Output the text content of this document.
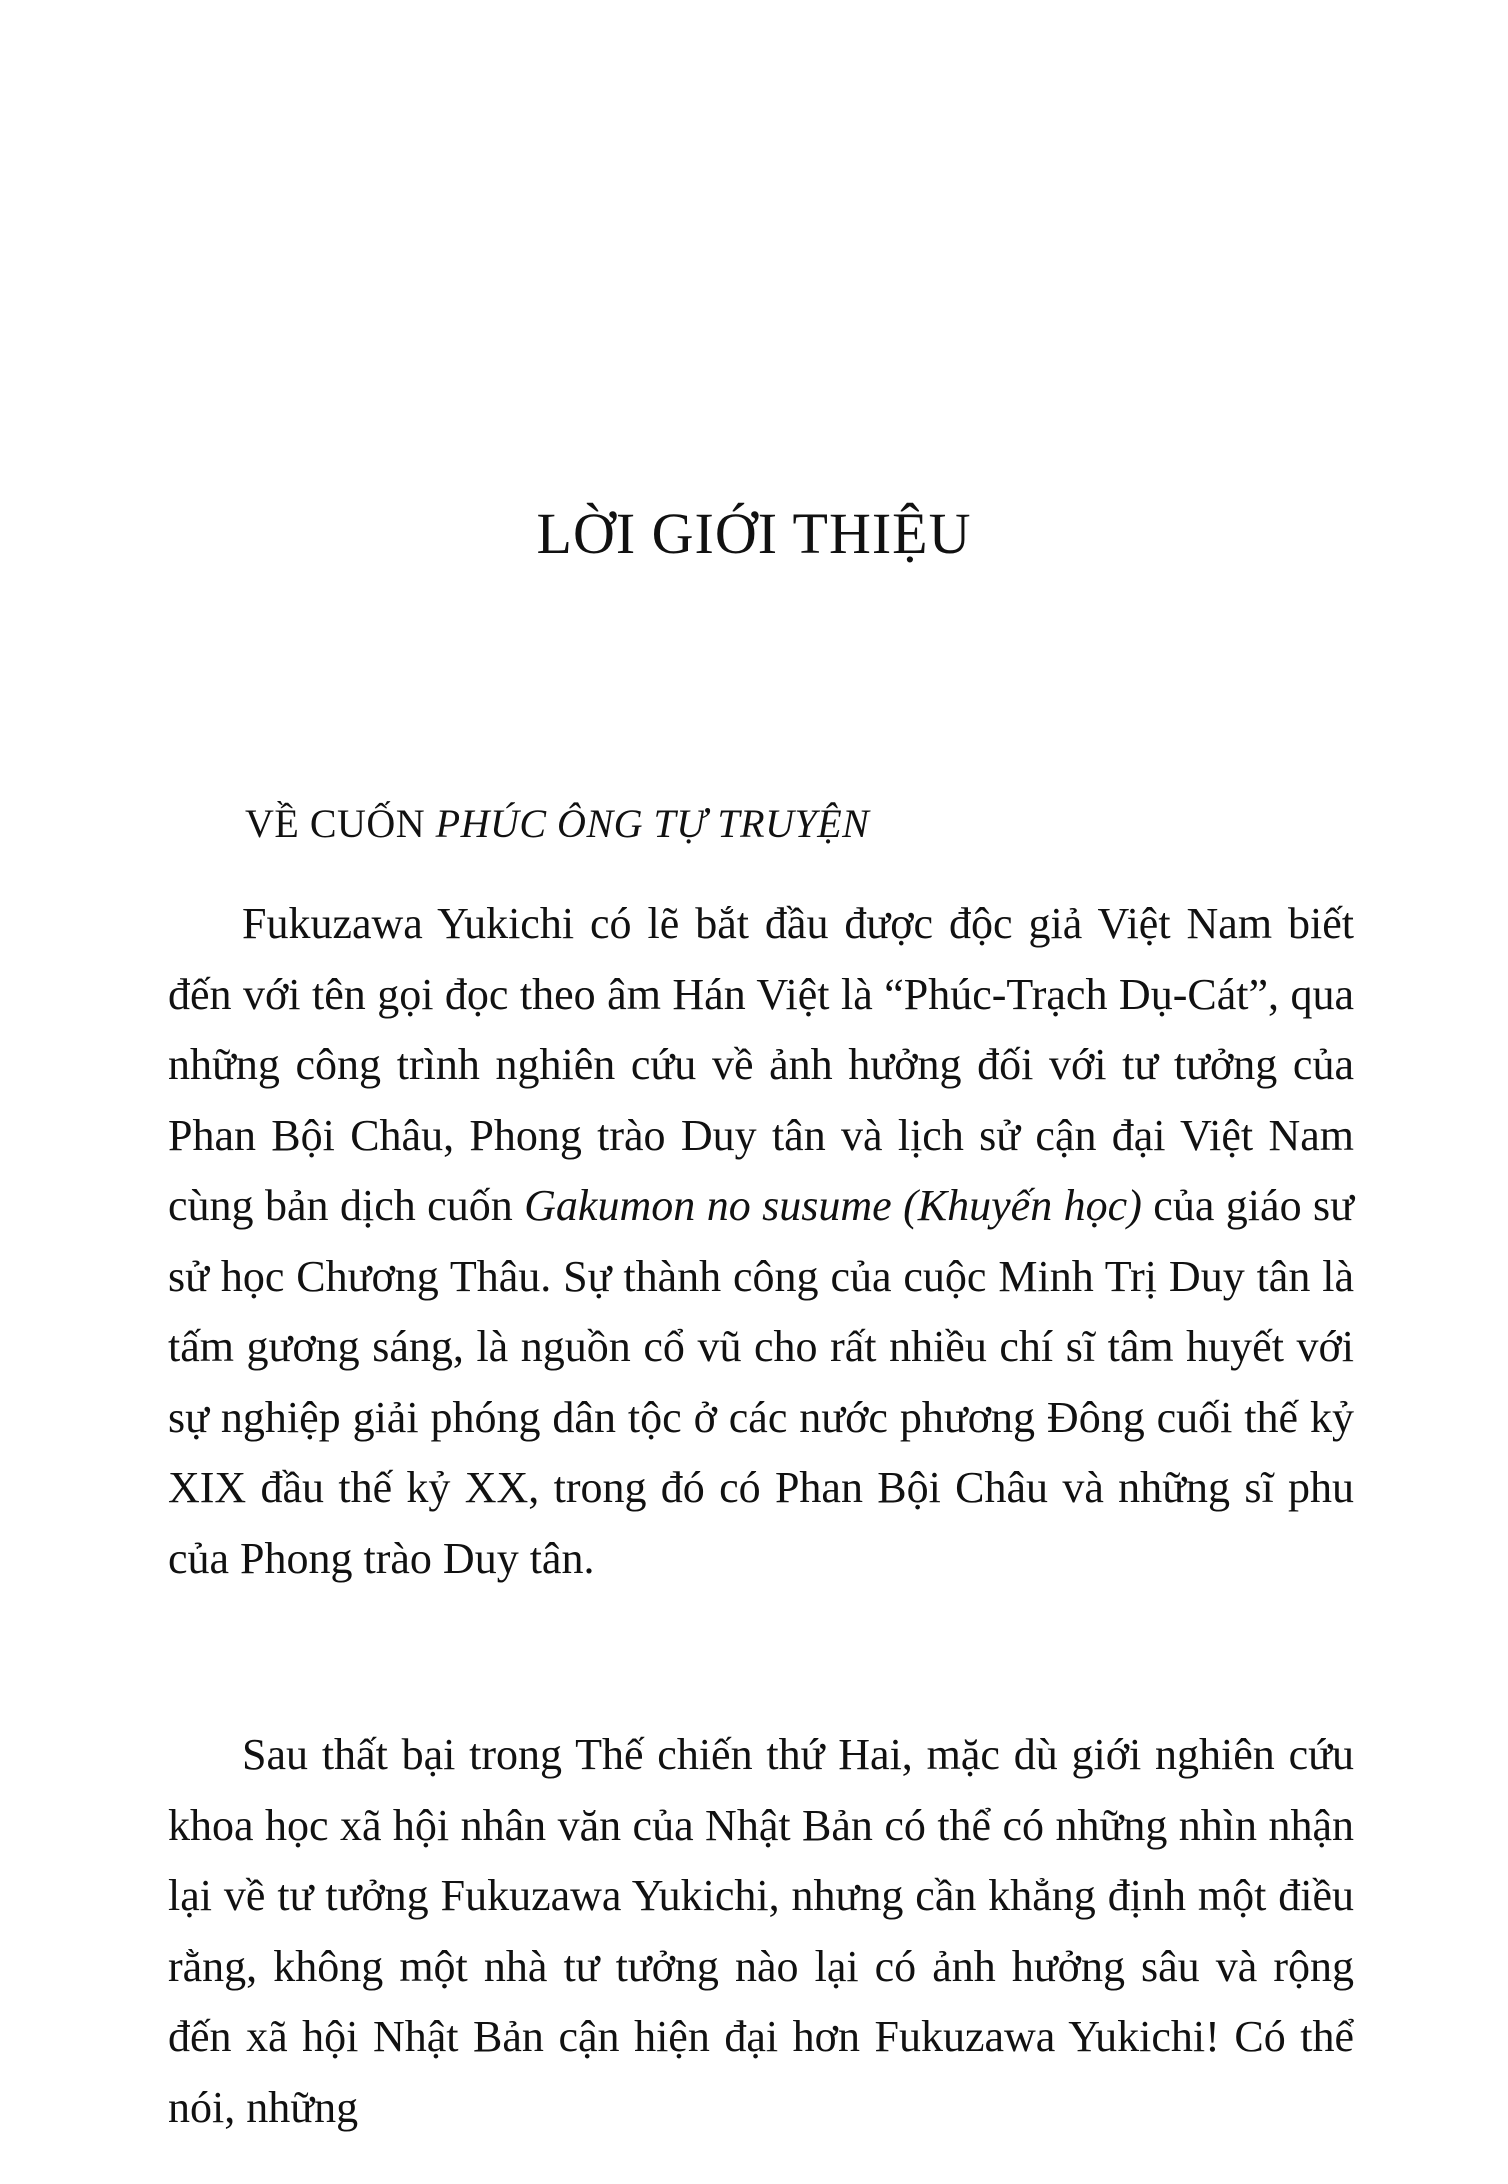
LỜI GIỚI THIỆU
VỀ CUỐN PHÚC ÔNG TỰ TRUYỆN

Fukuzawa Yukichi có lẽ bắt đầu được độc giả Việt Nam biết đến với tên gọi đọc theo âm Hán Việt là “Phúc-Trạch Dụ-Cát”, qua những công trình nghiên cứu về ảnh hưởng đối với tư tưởng của Phan Bội Châu, Phong trào Duy tân và lịch sử cận đại Việt Nam cùng bản dịch cuốn Gakumon no susume (Khuyến học) của giáo sư sử học Chương Thâu. Sự thành công của cuộc Minh Trị Duy tân là tấm gương sáng, là nguồn cổ vũ cho rất nhiều chí sĩ tâm huyết với sự nghiệp giải phóng dân tộc ở các nước phương Đông cuối thế kỷ XIX đầu thế kỷ XX, trong đó có Phan Bội Châu và những sĩ phu của Phong trào Duy tân.

Sau thất bại trong Thế chiến thứ Hai, mặc dù giới nghiên cứu khoa học xã hội nhân văn của Nhật Bản có thể có những nhìn nhận lại về tư tưởng Fukuzawa Yukichi, nhưng cần khẳng định một điều rằng, không một nhà tư tưởng nào lại có ảnh hưởng sâu và rộng đến xã hội Nhật Bản cận hiện đại hơn Fukuzawa Yukichi! Có thể nói, những
